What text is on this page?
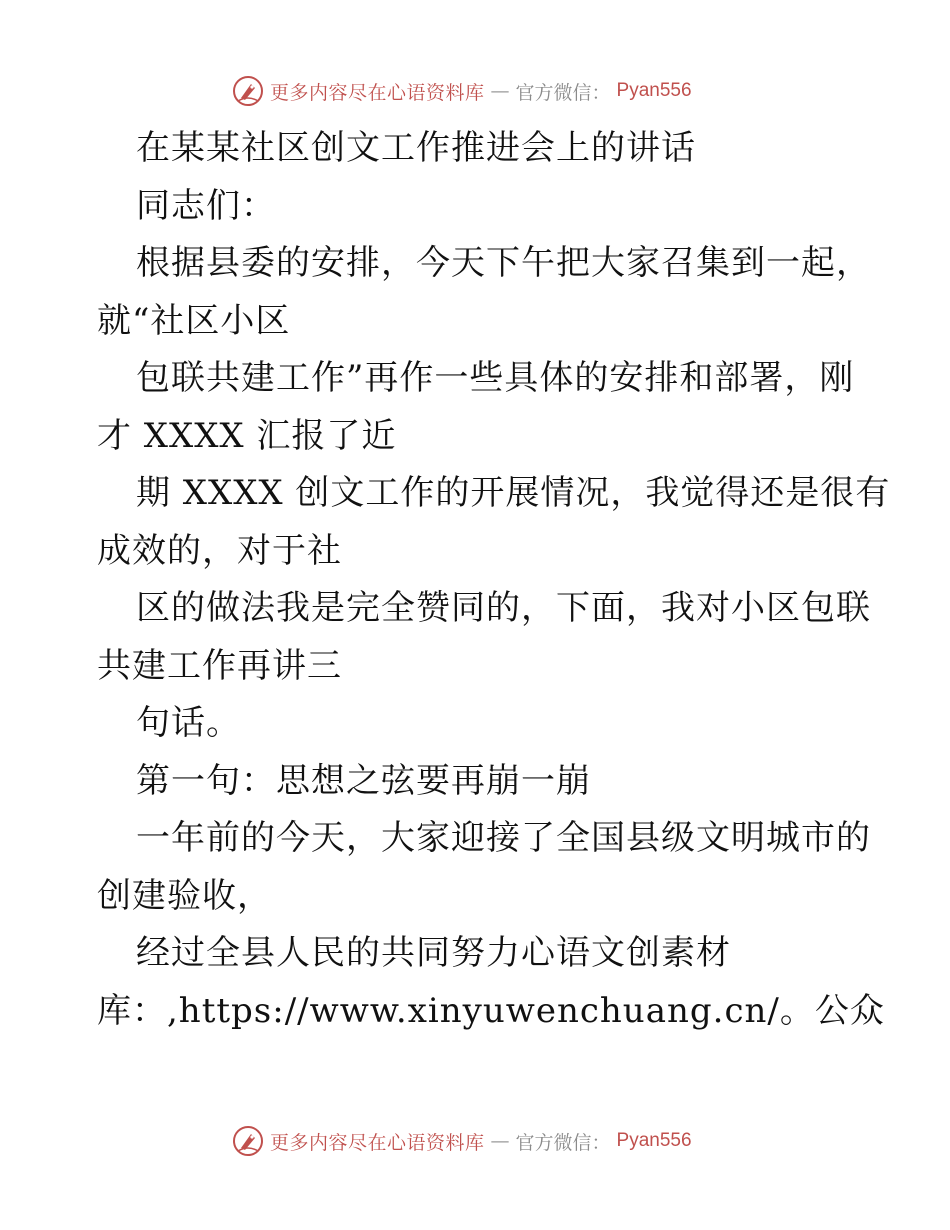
更多内容尽在心语资料库 — 官方微信： Pyan556
在某某社区创文工作推进会上的讲话
同志们：
根据县委的安排，今天下午把大家召集到一起，
就“社区小区
包联共建工作”再作一些具体的安排和部署，刚
才 XXXX 汇报了近
期 XXXX 创文工作的开展情况，我觉得还是很有
成效的，对于社
区的做法我是完全赞同的，下面，我对小区包联
共建工作再讲三
句话。
第一句：思想之弦要再崩一崩
一年前的今天，大家迎接了全国县级文明城市的
创建验收，
经过全县人民的共同努力心语文创素材
库：,https://www.xinyuwenchuang.cn/。公众
更多内容尽在心语资料库 — 官方微信： Pyan556
